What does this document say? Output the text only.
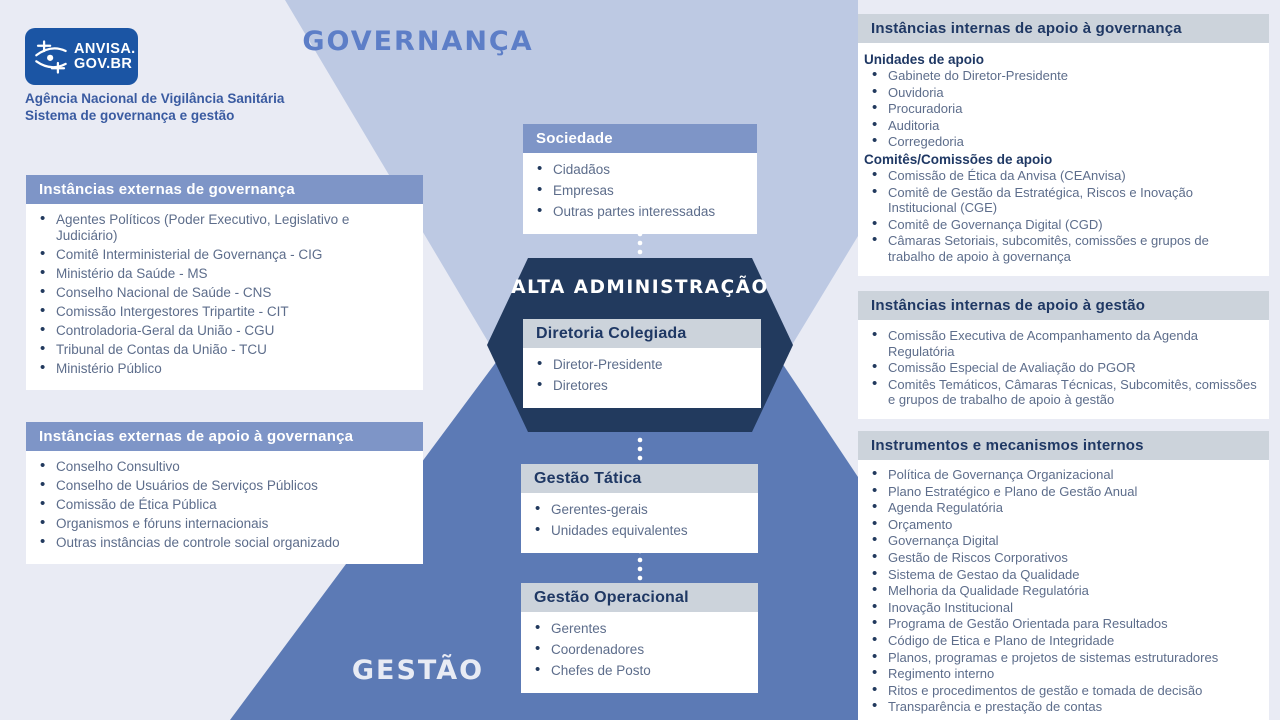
ANVISA.
GOV.BR
Agência Nacional de Vigilância Sanitária
Sistema de governança e gestão
GOVERNANÇA
GESTÃO
Instâncias externas de governança
• Agentes Políticos (Poder Executivo, Legislativo e Judiciário)
• Comitê Interministerial de Governança - CIG
• Ministério da Saúde - MS
• Conselho Nacional de Saúde - CNS
• Comissão Intergestores Tripartite - CIT
• Controladoria-Geral da União - CGU
• Tribunal de Contas da União - TCU
• Ministério Público
Instâncias externas de apoio à governança
• Conselho Consultivo
• Conselho de Usuários de Serviços Públicos
• Comissão de Ética Pública
• Organismos e fóruns internacionais
• Outras instâncias de controle social organizado
Sociedade
• Cidadãos
• Empresas
• Outras partes interessadas
ALTA ADMINISTRAÇÃO
Diretoria Colegiada
• Diretor-Presidente
• Diretores
Gestão Tática
• Gerentes-gerais
• Unidades equivalentes
Gestão Operacional
• Gerentes
• Coordenadores
• Chefes de Posto
Instâncias internas de apoio à governança
Unidades de apoio
• Gabinete do Diretor-Presidente
• Ouvidoria
• Procuradoria
• Auditoria
• Corregedoria
Comitês/Comissões de apoio
• Comissão de Ética da Anvisa (CEAnvisa)
• Comitê de Gestão da Estratégica, Riscos e Inovação Institucional (CGE)
• Comitê de Governança Digital (CGD)
• Câmaras Setoriais, subcomitês, comissões e grupos de trabalho de apoio à governança
Instâncias internas de apoio à gestão
• Comissão Executiva de Acompanhamento da Agenda Regulatória
• Comissão Especial de Avaliação do PGOR
• Comitês Temáticos, Câmaras Técnicas, Subcomitês, comissões e grupos de trabalho de apoio à gestão
Instrumentos e mecanismos internos
• Política de Governança Organizacional
• Plano Estratégico e Plano de Gestão Anual
• Agenda Regulatória
• Orçamento
• Governança Digital
• Gestão de Riscos Corporativos
• Sistema de Gestao da Qualidade
• Melhoria da Qualidade Regulatória
• Inovação Institucional
• Programa de Gestão Orientada para Resultados
• Código de Etica e Plano de Integridade
• Planos, programas e projetos de sistemas estruturadores
• Regimento interno
• Ritos e procedimentos de gestão e tomada de decisão
• Transparência e prestação de contas
